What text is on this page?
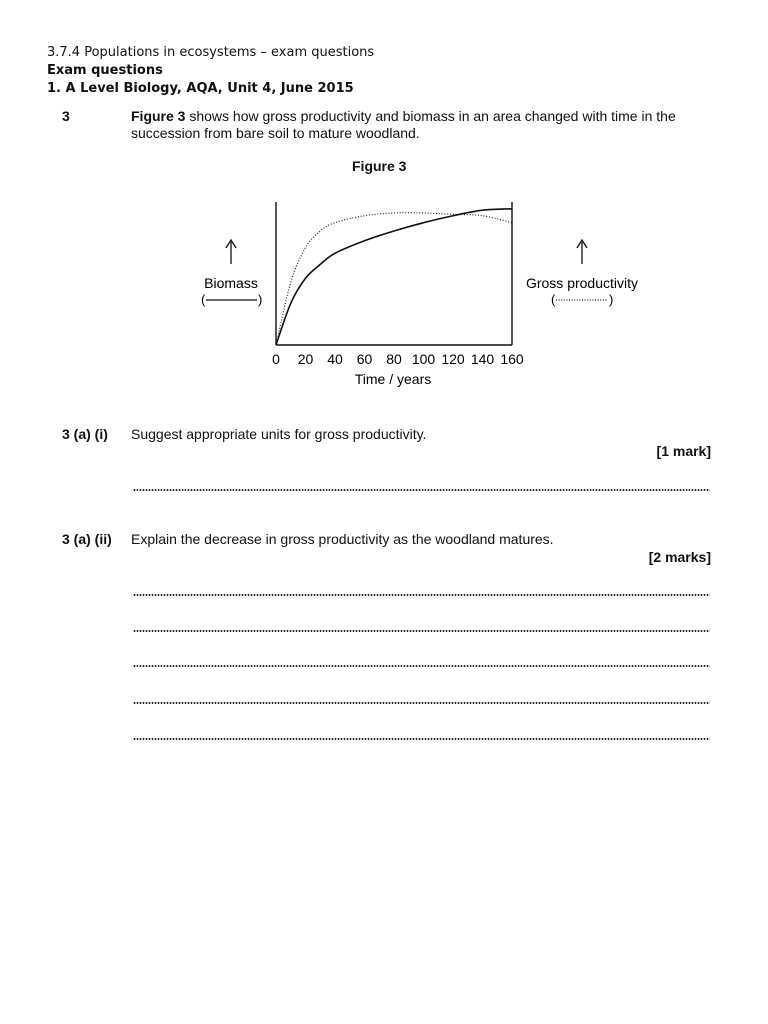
3.7.4 Populations in ecosystems – exam questions
Exam questions
1. A Level Biology, AQA, Unit 4, June 2015
3	Figure 3 shows how gross productivity and biomass in an area changed with time in the succession from bare soil to mature woodland.
Figure 3
Biomass
(	)
Gross productivity
(	)
0 20 40 60 80 100 120 140 160
Time / years
3 (a) (i) Suggest appropriate units for gross productivity.
[1 mark]
3 (a) (ii) Explain the decrease in gross productivity as the woodland matures.
[2 marks]
